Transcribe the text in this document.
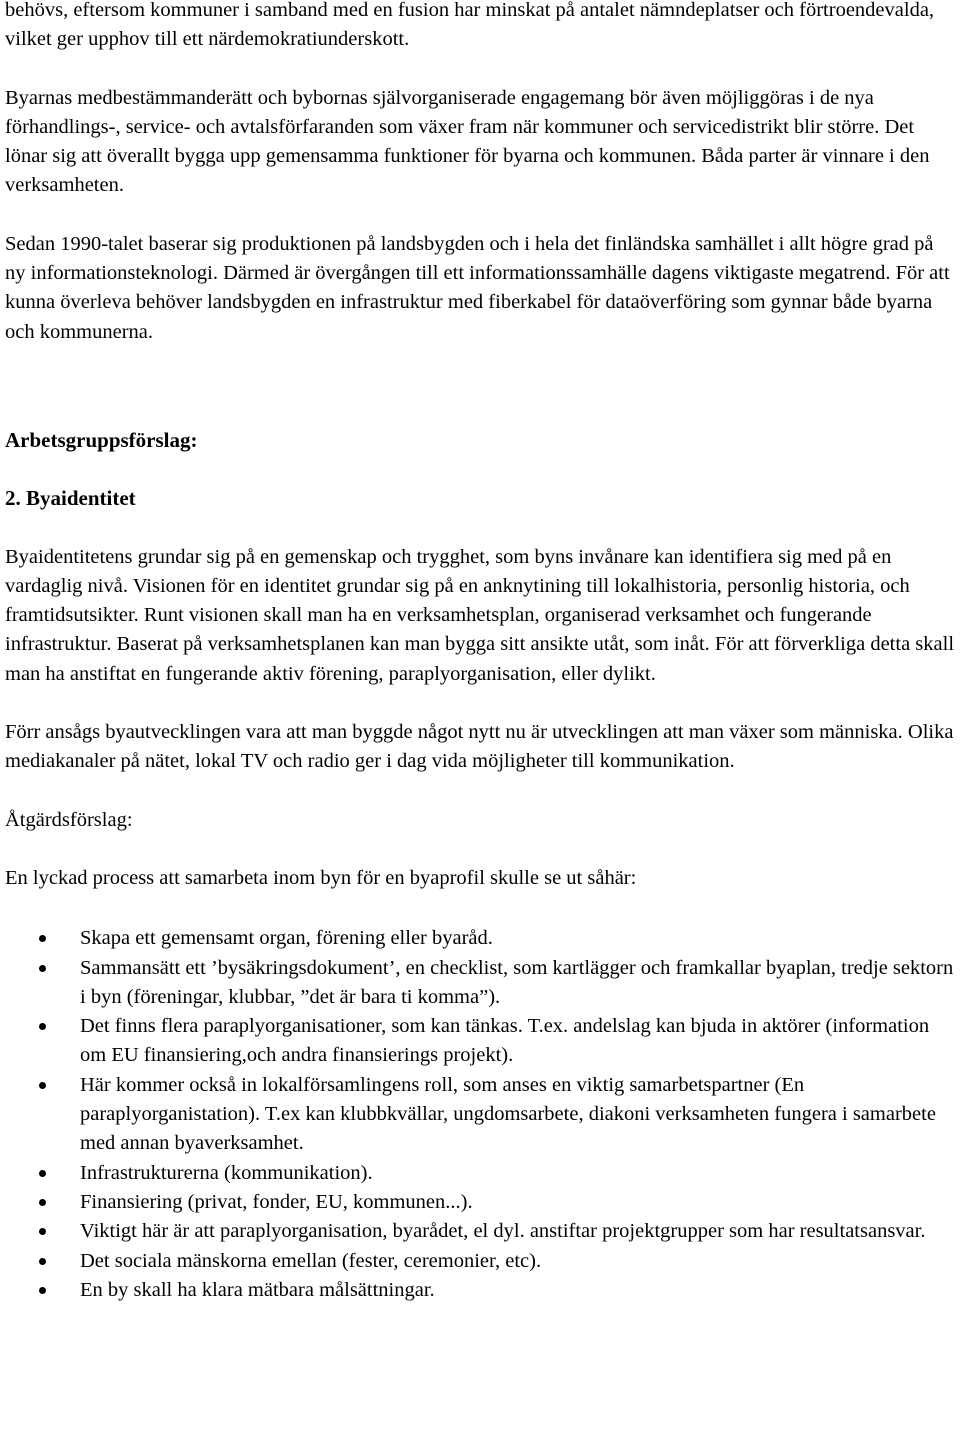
behövs, eftersom kommuner i samband med en fusion har minskat på antalet nämndeplatser och förtroendevalda, vilket ger upphov till ett närdemokratiunderskott.

Byarnas medbestämmanderätt och bybornas självorganiserade engagemang bör även möjliggöras i de nya förhandlings-, service- och avtalsförfaranden som växer fram när kommuner och servicedistrikt blir större. Det lönar sig att överallt bygga upp gemensamma funktioner för byarna och kommunen. Båda parter är vinnare i den verksamheten.

Sedan 1990-talet baserar sig produktionen på landsbygden och i hela det finländska samhället i allt högre grad på ny informationsteknologi. Därmed är övergången till ett informationssamhälle dagens viktigaste megatrend. För att kunna överleva behöver landsbygden en infrastruktur med fiberkabel för dataöverföring som gynnar både byarna och kommunerna.

Arbetsgruppsförslag:

2. Byaidentitet

Byaidentitetens grundar sig på en gemenskap och trygghet, som byns invånare kan identifiera sig med på en vardaglig nivå. Visionen för en identitet grundar sig på en anknytining till lokalhistoria, personlig historia, och framtidsutsikter. Runt visionen skall man ha en verksamhetsplan, organiserad verksamhet och fungerande infrastruktur. Baserat på verksamhetsplanen kan man bygga sitt ansikte utåt, som inåt. För att förverkliga detta skall man ha anstiftat en fungerande aktiv förening, paraplyorganisation, eller dylikt.

Förr ansågs byautvecklingen vara att man byggde något nytt nu är utvecklingen att man växer som människa. Olika mediakanaler på nätet, lokal TV och radio ger i dag vida möjligheter till kommunikation.

Åtgärdsförslag:

En lyckad process att samarbeta inom byn för en byaprofil skulle se ut såhär:

Skapa ett gemensamt organ, förening eller byaråd.
Sammansätt ett ’bysäkringsdokument’, en checklist, som kartlägger och framkallar byaplan, tredje sektorn i byn (föreningar, klubbar, ”det är bara ti komma”).
Det finns flera paraplyorganisationer, som kan tänkas. T.ex. andelslag kan bjuda in aktörer (information om EU finansiering,och andra finansierings projekt).
Här kommer också in lokalförsamlingens roll, som anses en viktig samarbetspartner (En paraplyorganistation). T.ex kan klubbkvällar, ungdomsarbete, diakoni verksamheten fungera i samarbete med annan byaverksamhet.
Infrastrukturerna (kommunikation).
Finansiering (privat, fonder, EU, kommunen...).
Viktigt här är att paraplyorganisation, byarådet, el dyl. anstiftar projektgrupper som har resultatsansvar.
Det sociala mänskorna emellan (fester, ceremonier, etc).
En by skall ha klara mätbara målsättningar.
